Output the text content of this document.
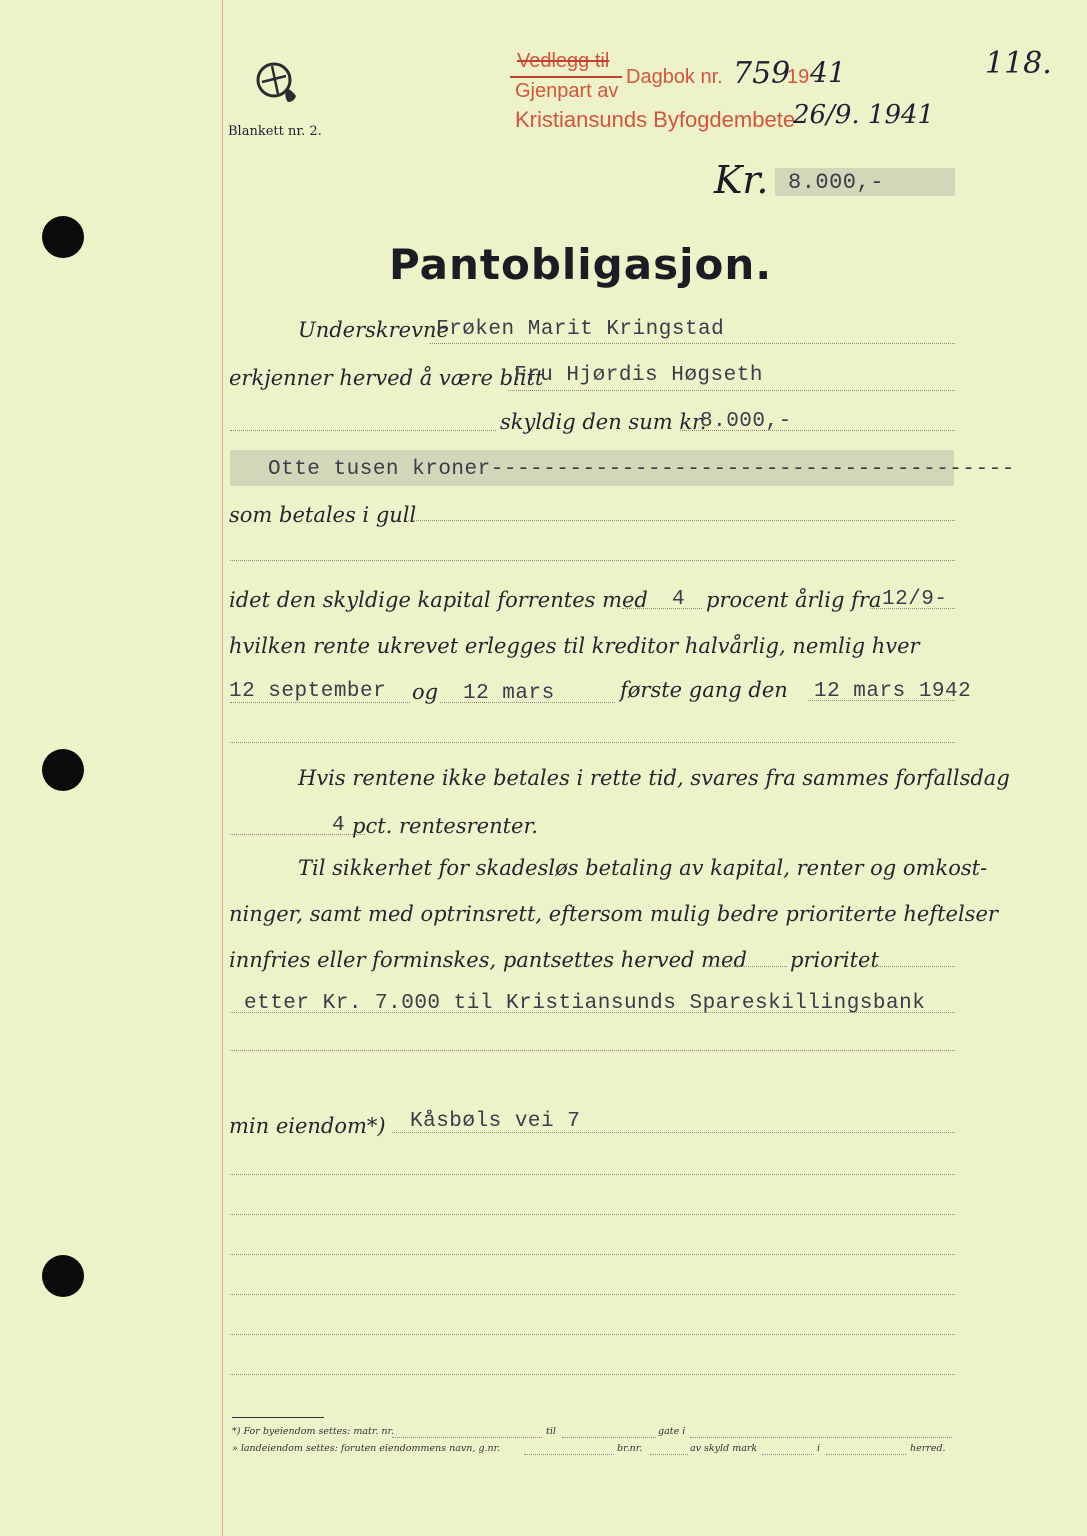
Blankett nr. 2.
Vedlegg til
Gjenpart av
Dagbok nr. 759
19 41
Kristiansunds Byfogdembete
26/9. 1941
118.
Kr. 8.000,-
Pantobligasjon.
Underskrevne
Frøken Marit Kringstad
erkjenner herved å være blitt
Fru Hjørdis Høgseth
skyldig den sum kr.
8.000,-
Otte tusen kroner----------------------------------------
som betales i gull
idet den skyldige kapital forrentes med 4 procent årlig fra 12/9-
hvilken rente ukrevet erlegges til kreditor halvårlig, nemlig hver
12 september og 12 mars	første gang den 12 mars 1942
Hvis rentene ikke betales i rette tid, svares fra sammes forfallsdag
4 pct. rentesrenter.
Til sikkerhet for skadesløs betaling av kapital, renter og omkost-
ninger, samt med optrinsrett, eftersom mulig bedre prioriterte heftelser
innfries eller forminskes, pantsettes herved med prioritet
etter Kr. 7.000 til Kristiansunds Spareskillingsbank
min eiendom*) Kåsbøls vei 7
*) For byeiendom settes: matr. nr.	til	gate i
» landeiendom settes: foruten eiendommens navn, g.nr.	br.nr.	av skyld mark	i	herred.
